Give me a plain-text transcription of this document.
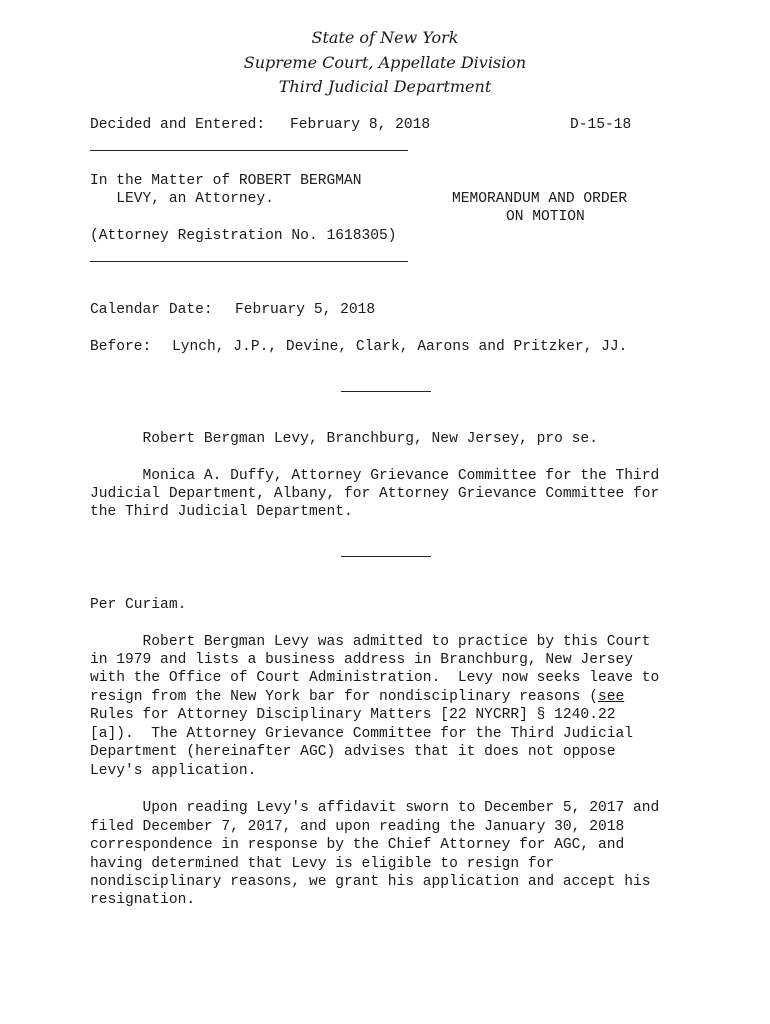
State of New York
Supreme Court, Appellate Division
Third Judicial Department
Decided and Entered: February 8, 2018	D-15-18
In the Matter of ROBERT BERGMAN
LEVY, an Attorney.
(Attorney Registration No. 1618305)
MEMORANDUM AND ORDER
ON MOTION
Calendar Date: February 5, 2018
Before: Lynch, J.P., Devine, Clark, Aarons and Pritzker, JJ.
Robert Bergman Levy, Branchburg, New Jersey, pro se.
Monica A. Duffy, Attorney Grievance Committee for the Third
Judicial Department, Albany, for Attorney Grievance Committee for
the Third Judicial Department.
Per Curiam.
Robert Bergman Levy was admitted to practice by this Court
in 1979 and lists a business address in Branchburg, New Jersey
with the Office of Court Administration.  Levy now seeks leave to
resign from the New York bar for nondisciplinary reasons (see
Rules for Attorney Disciplinary Matters [22 NYCRR] § 1240.22
[a]).  The Attorney Grievance Committee for the Third Judicial
Department (hereinafter AGC) advises that it does not oppose
Levy's application.
Upon reading Levy's affidavit sworn to December 5, 2017 and
filed December 7, 2017, and upon reading the January 30, 2018
correspondence in response by the Chief Attorney for AGC, and
having determined that Levy is eligible to resign for
nondisciplinary reasons, we grant his application and accept his
resignation.
